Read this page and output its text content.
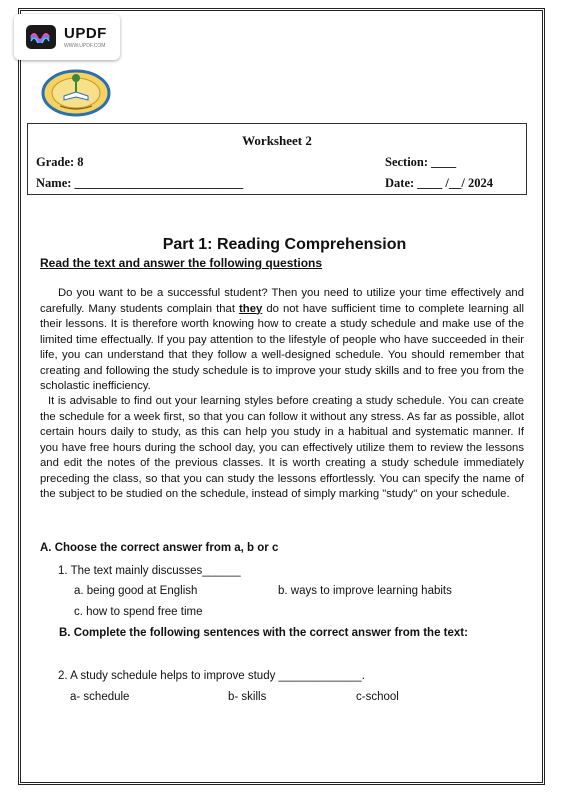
UPDF
WWW.UPDF.COM
Worksheet 2
Grade: 8	Section: ____
Name: ___________________________	Date: ____ /__/ 2024
Part 1: Reading Comprehension
Read the text and answer the following questions

Do you want to be a successful student? Then you need to utilize your time effectively and carefully. Many students complain that they do not have sufficient time to complete learning all their lessons. It is therefore worth knowing how to create a study schedule and make use of the limited time effectually. If you pay attention to the lifestyle of people who have succeeded in their life, you can understand that they follow a well-designed schedule. You should remember that creating and following the study schedule is to improve your study skills and to free you from the scholastic inefficiency.

It is advisable to find out your learning styles before creating a study schedule. You can create the schedule for a week first, so that you can follow it without any stress. As far as possible, allot certain hours daily to study, as this can help you study in a habitual and systematic manner. If you have free hours during the school day, you can effectively utilize them to review the lessons and edit the notes of the previous classes. It is worth creating a study schedule immediately preceding the class, so that you can study the lessons effortlessly. You can specify the name of the subject to be studied on the schedule, instead of simply marking "study" on your schedule.

A. Choose the correct answer from a, b or c
1. The text mainly discusses______
a. being good at English	b. ways to improve learning habits
c. how to spend free time
B. Complete the following sentences with the correct answer from the text:
2. A study schedule helps to improve study _____________.
a- schedule	b- skills	c-school
